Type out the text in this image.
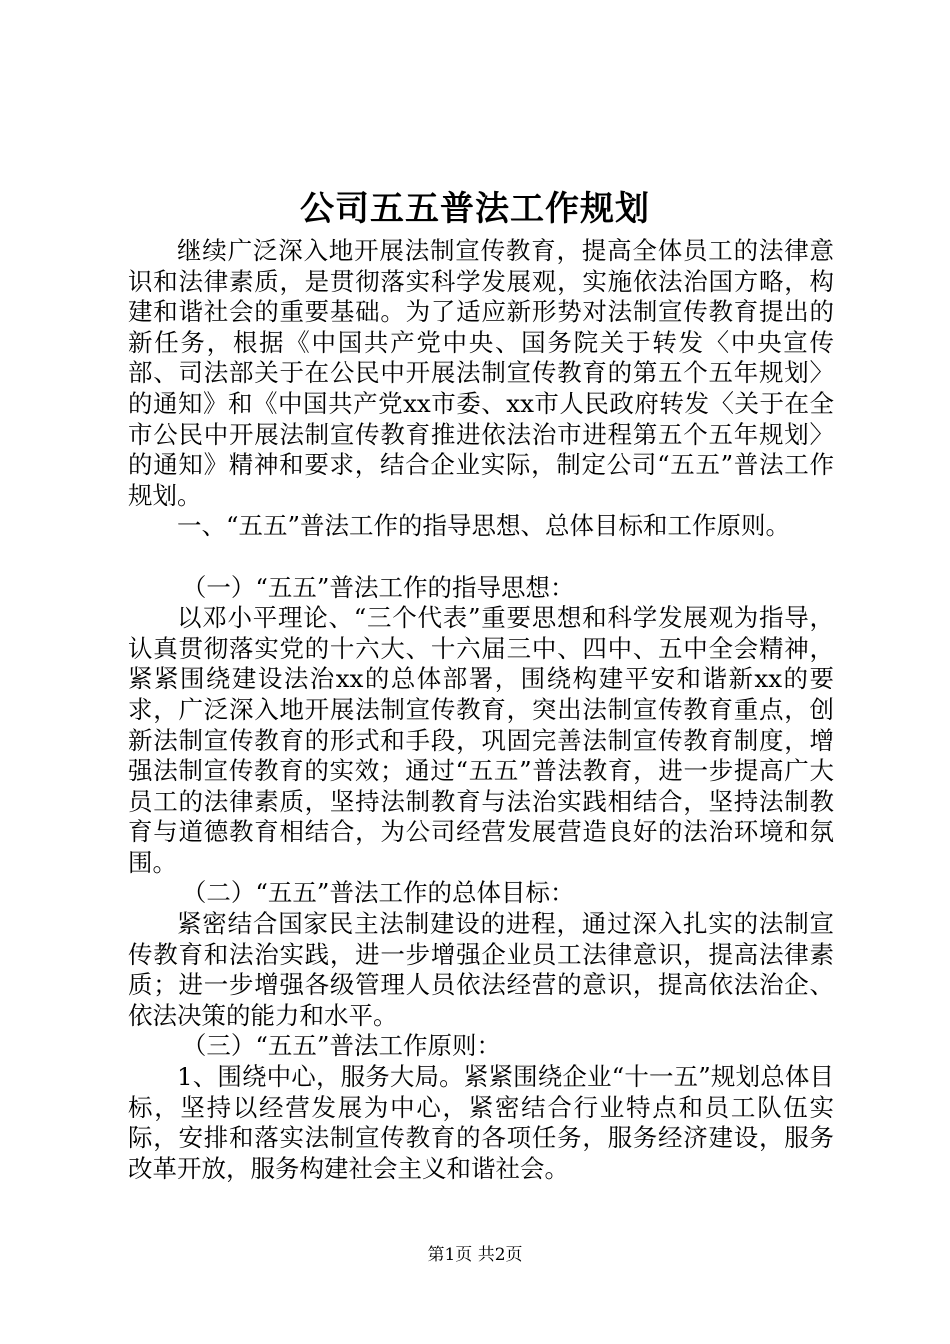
公司五五普法工作规划

继续广泛深入地开展法制宣传教育，提高全体员工的法律意识和法律素质，是贯彻落实科学发展观，实施依法治国方略，构建和谐社会的重要基础。为了适应新形势对法制宣传教育提出的新任务，根据《中国共产党中央、国务院关于转发〈中央宣传部、司法部关于在公民中开展法制宣传教育的第五个五年规划〉的通知》和《中国共产党xx市委、xx市人民政府转发〈关于在全市公民中开展法制宣传教育推进依法治市进程第五个五年规划〉的通知》精神和要求，结合企业实际，制定公司“五五”普法工作规划。

一、“五五”普法工作的指导思想、总体目标和工作原则。

（一）“五五”普法工作的指导思想：

以邓小平理论、“三个代表”重要思想和科学发展观为指导，认真贯彻落实党的十六大、十六届三中、四中、五中全会精神，紧紧围绕建设法治xx的总体部署，围绕构建平安和谐新xx的要求，广泛深入地开展法制宣传教育，突出法制宣传教育重点，创新法制宣传教育的形式和手段，巩固完善法制宣传教育制度，增强法制宣传教育的实效；通过“五五”普法教育，进一步提高广大员工的法律素质，坚持法制教育与法治实践相结合，坚持法制教育与道德教育相结合，为公司经营发展营造良好的法治环境和氛围。

（二）“五五”普法工作的总体目标：

紧密结合国家民主法制建设的进程，通过深入扎实的法制宣传教育和法治实践，进一步增强企业员工法律意识，提高法律素质；进一步增强各级管理人员依法经营的意识，提高依法治企、依法决策的能力和水平。

（三）“五五”普法工作原则：

1、围绕中心，服务大局。紧紧围绕企业“十一五”规划总体目标，坚持以经营发展为中心，紧密结合行业特点和员工队伍实际，安排和落实法制宣传教育的各项任务，服务经济建设，服务改革开放，服务构建社会主义和谐社会。

第1页 共2页
